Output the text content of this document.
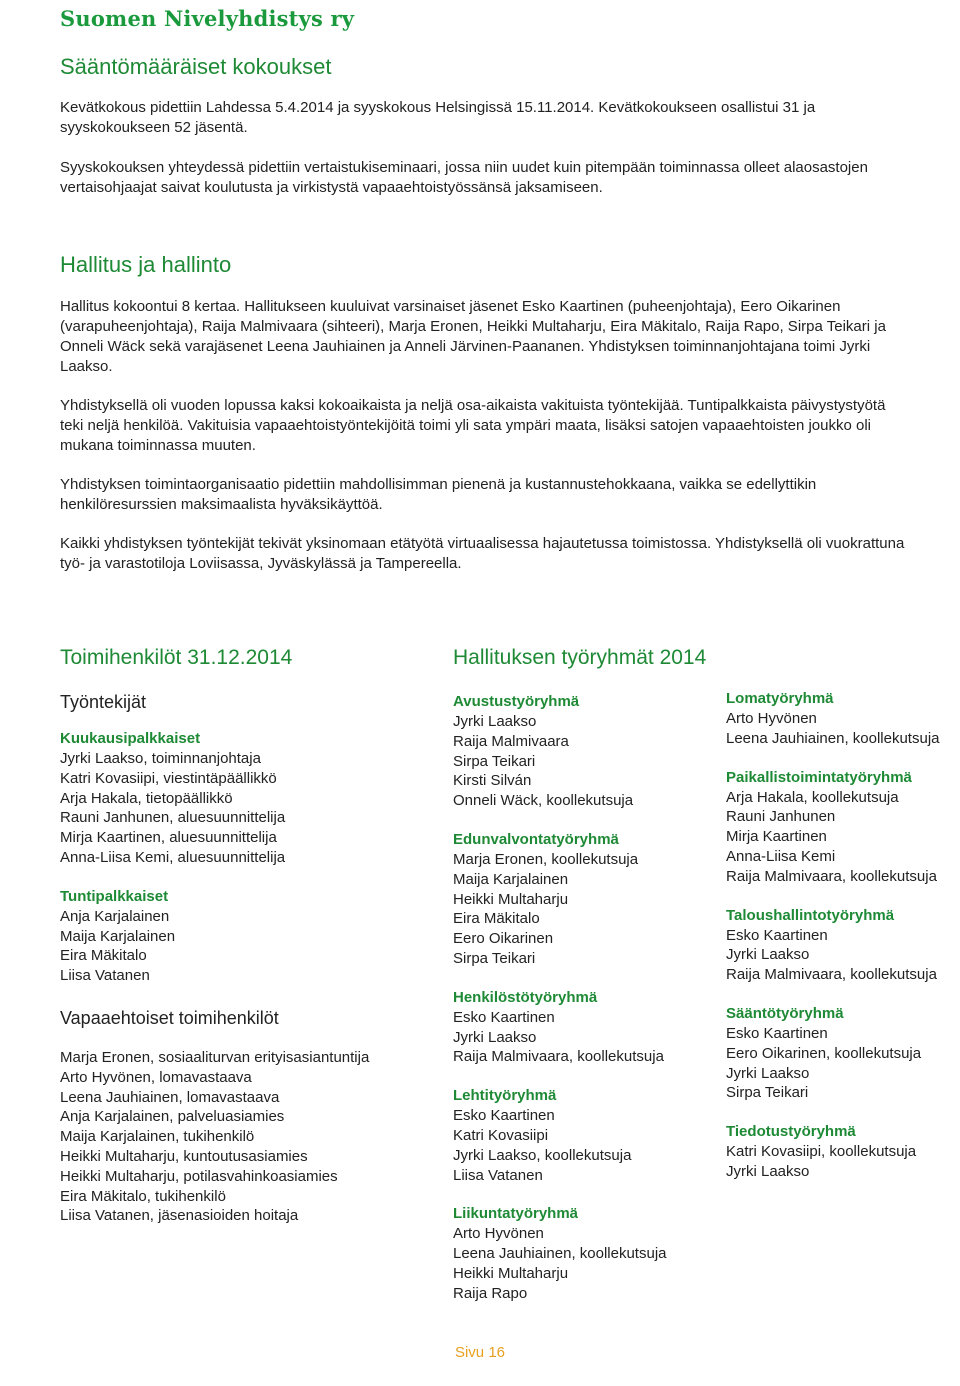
Suomen Nivelyhdistys ry
Sääntömääräiset kokoukset

Kevätkokous pidettiin Lahdessa 5.4.2014 ja syyskokous Helsingissä 15.11.2014. Kevätkokoukseen osallistui 31 ja syyskokoukseen 52 jäsentä.

Syyskokouksen yhteydessä pidettiin vertaistukiseminaari, jossa niin uudet kuin pitempään toiminnassa olleet alaosastojen vertaisohjaajat saivat koulutusta ja virkistystä vapaaehtoistyössänsä jaksamiseen.

Hallitus ja hallinto

Hallitus kokoontui 8 kertaa. Hallitukseen kuuluivat varsinaiset jäsenet Esko Kaartinen (puheenjohtaja), Eero Oikarinen (varapuheenjohtaja), Raija Malmivaara (sihteeri), Marja Eronen, Heikki Multaharju, Eira Mäkitalo, Raija Rapo, Sirpa Teikari ja Onneli Wäck sekä varajäsenet Leena Jauhiainen ja Anneli Järvinen-Paananen. Yhdistyksen toiminnanjohtajana toimi Jyrki Laakso.

Yhdistyksellä oli vuoden lopussa kaksi kokoaikaista ja neljä osa-aikaista vakituista työntekijää. Tuntipalkkaista päivystystyötä teki neljä henkilöä. Vakituisia vapaaehtoistyöntekijöitä toimi yli sata ympäri maata, lisäksi satojen vapaaehtoisten joukko oli mukana toiminnassa muuten.

Yhdistyksen toimintaorganisaatio pidettiin mahdollisimman pienenä ja kustannustehokkaana, vaikka se edellyttikin henkilöresurssien maksimaalista hyväksikäyttöä.

Kaikki yhdistyksen työntekijät tekivät yksinomaan etätyötä virtuaalisessa hajautetussa toimistossa. Yhdistyksellä oli vuokrattuna työ- ja varastotiloja Loviisassa, Jyväskylässä ja Tampereella.

Toimihenkilöt 31.12.2014
Työntekijät
Kuukausipalkkaiset
Jyrki Laakso, toiminnanjohtaja
Katri Kovasiipi, viestintäpäällikkö
Arja Hakala, tietopäällikkö
Rauni Janhunen, aluesuunnittelija
Mirja Kaartinen, aluesuunnittelija
Anna-Liisa Kemi, aluesuunnittelija
Tuntipalkkaiset
Anja Karjalainen
Maija Karjalainen
Eira Mäkitalo
Liisa Vatanen
Vapaaehtoiset toimihenkilöt
Marja Eronen, sosiaaliturvan erityisasiantuntija
Arto Hyvönen, lomavastaava
Leena Jauhiainen, lomavastaava
Anja Karjalainen, palveluasiamies
Maija Karjalainen, tukihenkilö
Heikki Multaharju, kuntoutusasiamies
Heikki Multaharju, potilasvahinkoasiamies
Eira Mäkitalo, tukihenkilö
Liisa Vatanen, jäsenasioiden hoitaja
Hallituksen työryhmät 2014
Avustustyöryhmä
Jyrki Laakso
Raija Malmivaara
Sirpa Teikari
Kirsti Silván
Onneli Wäck, koollekutsuja
Edunvalvontatyöryhmä
Marja Eronen, koollekutsuja
Maija Karjalainen
Heikki Multaharju
Eira Mäkitalo
Eero Oikarinen
Sirpa Teikari
Henkilöstötyöryhmä
Esko Kaartinen
Jyrki Laakso
Raija Malmivaara, koollekutsuja
Lehtityöryhmä
Esko Kaartinen
Katri Kovasiipi
Jyrki Laakso, koollekutsuja
Liisa Vatanen
Liikuntatyöryhmä
Arto Hyvönen
Leena Jauhiainen, koollekutsuja
Heikki Multaharju
Raija Rapo
Lomatyöryhmä
Arto Hyvönen
Leena Jauhiainen, koollekutsuja
Paikallistoimintatyöryhmä
Arja Hakala, koollekutsuja
Rauni Janhunen
Mirja Kaartinen
Anna-Liisa Kemi
Raija Malmivaara, koollekutsuja
Taloushallintotyöryhmä
Esko Kaartinen
Jyrki Laakso
Raija Malmivaara, koollekutsuja
Sääntötyöryhmä
Esko Kaartinen
Eero Oikarinen, koollekutsuja
Jyrki Laakso
Sirpa Teikari
Tiedotustyöryhmä
Katri Kovasiipi, koollekutsuja
Jyrki Laakso
Sivu 16
